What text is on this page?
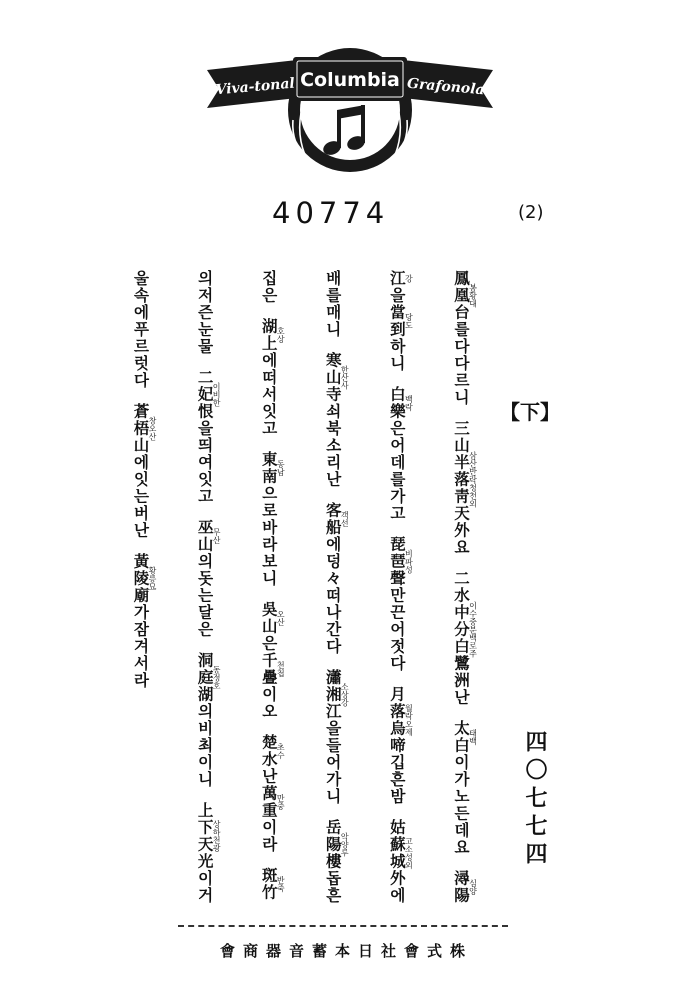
Viva-tonal Columbia Grafonola
40774	(2)
【下】
四〇七七四
鳳凰台봉황대를다다르니三山半落靑天外삼산반락청천외요二水中分白鷺洲이수중분백로주난太白태백이가노든데요潯陽심양
江강을當到당도하니白樂백락은어데를가고琵琶聲비파성만끈어젓다月落烏啼월락오제깁흔밤姑蘇城外고소성외에
배를매니寒山寺한산사쇠북소리난客船객선에덩々떠나간다瀟湘江소상강을들어가니岳陽樓악양루돕흔
집은湖上호상에떠서잇고東南동남으로바라보니吳山오산은千疊천첩이오楚水초수난萬重만중이라斑竹반죽
의저즌눈물二妃恨이비한을띄여잇고巫山무산의돗는달은洞庭湖동정호의비최이니上下天光상하천광이거
울속에푸르럿다蒼梧山창오산에잇는버난黃陵廟황릉묘가잠겨서라
會商器音蓄本日社會式株
